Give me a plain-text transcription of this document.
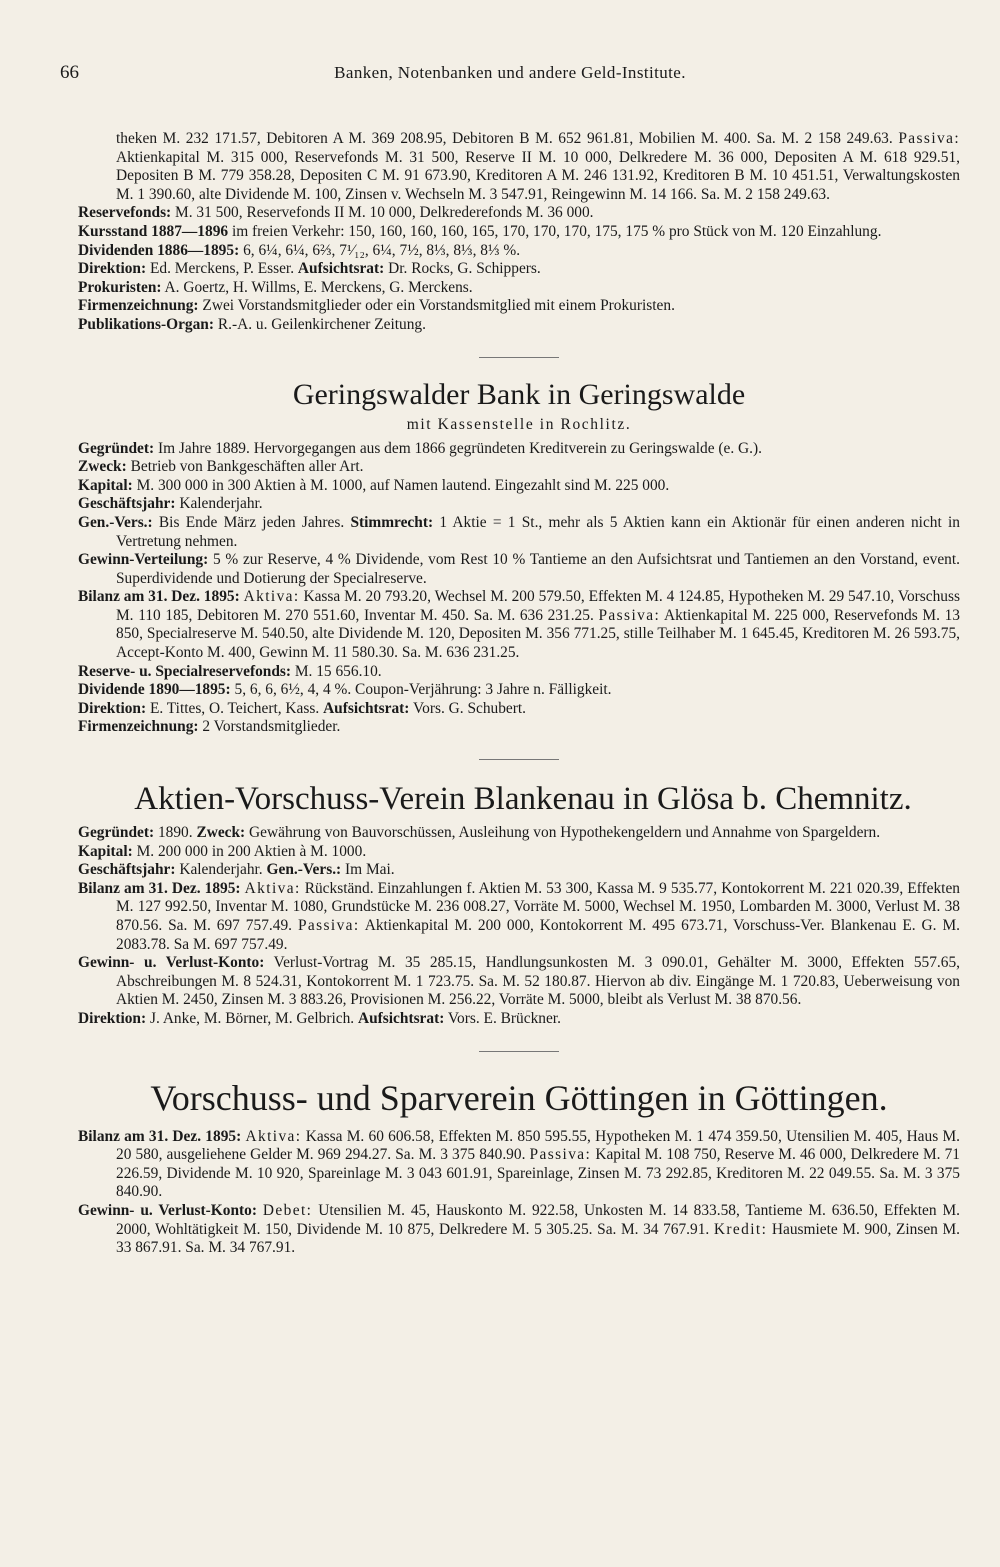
66	Banken, Notenbanken und andere Geld-Institute.
theken M. 232 171.57, Debitoren A M. 369 208.95, Debitoren B M. 652 961.81, Mobilien M. 400. Sa. M. 2 158 249.63. Passiva: Aktienkapital M. 315 000, Reservefonds M. 31 500, Reserve II M. 10 000, Delkredere M. 36 000, Depositen A M. 618 929.51, Depositen B M. 779 358.28, Depositen C M. 91 673.90, Kreditoren A M. 246 131.92, Kreditoren B M. 10 451.51, Verwaltungskosten M. 1 390.60, alte Dividende M. 100, Zinsen v. Wechseln M. 3 547.91, Reingewinn M. 14 166. Sa. M. 2 158 249.63.
Reservefonds: M. 31 500, Reservefonds II M. 10 000, Delkrederefonds M. 36 000.
Kursstand 1887—1896 im freien Verkehr: 150, 160, 160, 160, 165, 170, 170, 170, 175, 175 % pro Stück von M. 120 Einzahlung.
Dividenden 1886—1895: 6, 6¼, 6¼, 6⅔, 7¹⁄₁₂, 6¼, 7½, 8⅓, 8⅓, 8⅓ %.
Direktion: Ed. Merckens, P. Esser. Aufsichtsrat: Dr. Rocks, G. Schippers.
Prokuristen: A. Goertz, H. Willms, E. Merckens, G. Merckens.
Firmenzeichnung: Zwei Vorstandsmitglieder oder ein Vorstandsmitglied mit einem Prokuristen.
Publikations-Organ: R.-A. u. Geilenkirchener Zeitung.
Geringswalder Bank in Geringswalde
mit Kassenstelle in Rochlitz.
Gegründet: Im Jahre 1889. Hervorgegangen aus dem 1866 gegründeten Kreditverein zu Geringswalde (e. G.).
Zweck: Betrieb von Bankgeschäften aller Art.
Kapital: M. 300 000 in 300 Aktien à M. 1000, auf Namen lautend. Eingezahlt sind M. 225 000.
Geschäftsjahr: Kalenderjahr.
Gen.-Vers.: Bis Ende März jeden Jahres. Stimmrecht: 1 Aktie = 1 St., mehr als 5 Aktien kann ein Aktionär für einen anderen nicht in Vertretung nehmen.
Gewinn-Verteilung: 5 % zur Reserve, 4 % Dividende, vom Rest 10 % Tantieme an den Aufsichtsrat und Tantiemen an den Vorstand, event. Superdividende und Dotierung der Specialreserve.
Bilanz am 31. Dez. 1895: Aktiva: Kassa M. 20 793.20, Wechsel M. 200 579.50, Effekten M. 4 124.85, Hypotheken M. 29 547.10, Vorschuss M. 110 185, Debitoren M. 270 551.60, Inventar M. 450. Sa. M. 636 231.25. Passiva: Aktienkapital M. 225 000, Reservefonds M. 13 850, Specialreserve M. 540.50, alte Dividende M. 120, Depositen M. 356 771.25, stille Teilhaber M. 1 645.45, Kreditoren M. 26 593.75, Accept-Konto M. 400, Gewinn M. 11 580.30. Sa. M. 636 231.25.
Reserve- u. Specialreservefonds: M. 15 656.10.
Dividende 1890—1895: 5, 6, 6, 6½, 4, 4 %. Coupon-Verjährung: 3 Jahre n. Fälligkeit.
Direktion: E. Tittes, O. Teichert, Kass. Aufsichtsrat: Vors. G. Schubert.
Firmenzeichnung: 2 Vorstandsmitglieder.
Aktien-Vorschuss-Verein Blankenau in Glösa b. Chemnitz.
Gegründet: 1890. Zweck: Gewährung von Bauvorschüssen, Ausleihung von Hypothekengeldern und Annahme von Spargeldern.
Kapital: M. 200 000 in 200 Aktien à M. 1000.
Geschäftsjahr: Kalenderjahr. Gen.-Vers.: Im Mai.
Bilanz am 31. Dez. 1895: Aktiva: Rückständ. Einzahlungen f. Aktien M. 53 300, Kassa M. 9 535.77, Kontokorrent M. 221 020.39, Effekten M. 127 992.50, Inventar M. 1080, Grundstücke M. 236 008.27, Vorräte M. 5000, Wechsel M. 1950, Lombarden M. 3000, Verlust M. 38 870.56. Sa. M. 697 757.49. Passiva: Aktienkapital M. 200 000, Kontokorrent M. 495 673.71, Vorschuss-Ver. Blankenau E. G. M. 2083.78. Sa M. 697 757.49.
Gewinn- u. Verlust-Konto: Verlust-Vortrag M. 35 285.15, Handlungsunkosten M. 3 090.01, Gehälter M. 3000, Effekten 557.65, Abschreibungen M. 8 524.31, Kontokorrent M. 1 723.75. Sa. M. 52 180.87. Hiervon ab div. Eingänge M. 1 720.83, Ueberweisung von Aktien M. 2450, Zinsen M. 3 883.26, Provisionen M. 256.22, Vorräte M. 5000, bleibt als Verlust M. 38 870.56.
Direktion: J. Anke, M. Börner, M. Gelbrich. Aufsichtsrat: Vors. E. Brückner.
Vorschuss- und Sparverein Göttingen in Göttingen.
Bilanz am 31. Dez. 1895: Aktiva: Kassa M. 60 606.58, Effekten M. 850 595.55, Hypotheken M. 1 474 359.50, Utensilien M. 405, Haus M. 20 580, ausgeliehene Gelder M. 969 294.27. Sa. M. 3 375 840.90. Passiva: Kapital M. 108 750, Reserve M. 46 000, Delkredere M. 71 226.59, Dividende M. 10 920, Spareinlage M. 3 043 601.91, Spareinlage, Zinsen M. 73 292.85, Kreditoren M. 22 049.55. Sa. M. 3 375 840.90.
Gewinn- u. Verlust-Konto: Debet: Utensilien M. 45, Hauskonto M. 922.58, Unkosten M. 14 833.58, Tantieme M. 636.50, Effekten M. 2000, Wohltätigkeit M. 150, Dividende M. 10 875, Delkredere M. 5 305.25. Sa. M. 34 767.91. Kredit: Hausmiete M. 900, Zinsen M. 33 867.91. Sa. M. 34 767.91.
